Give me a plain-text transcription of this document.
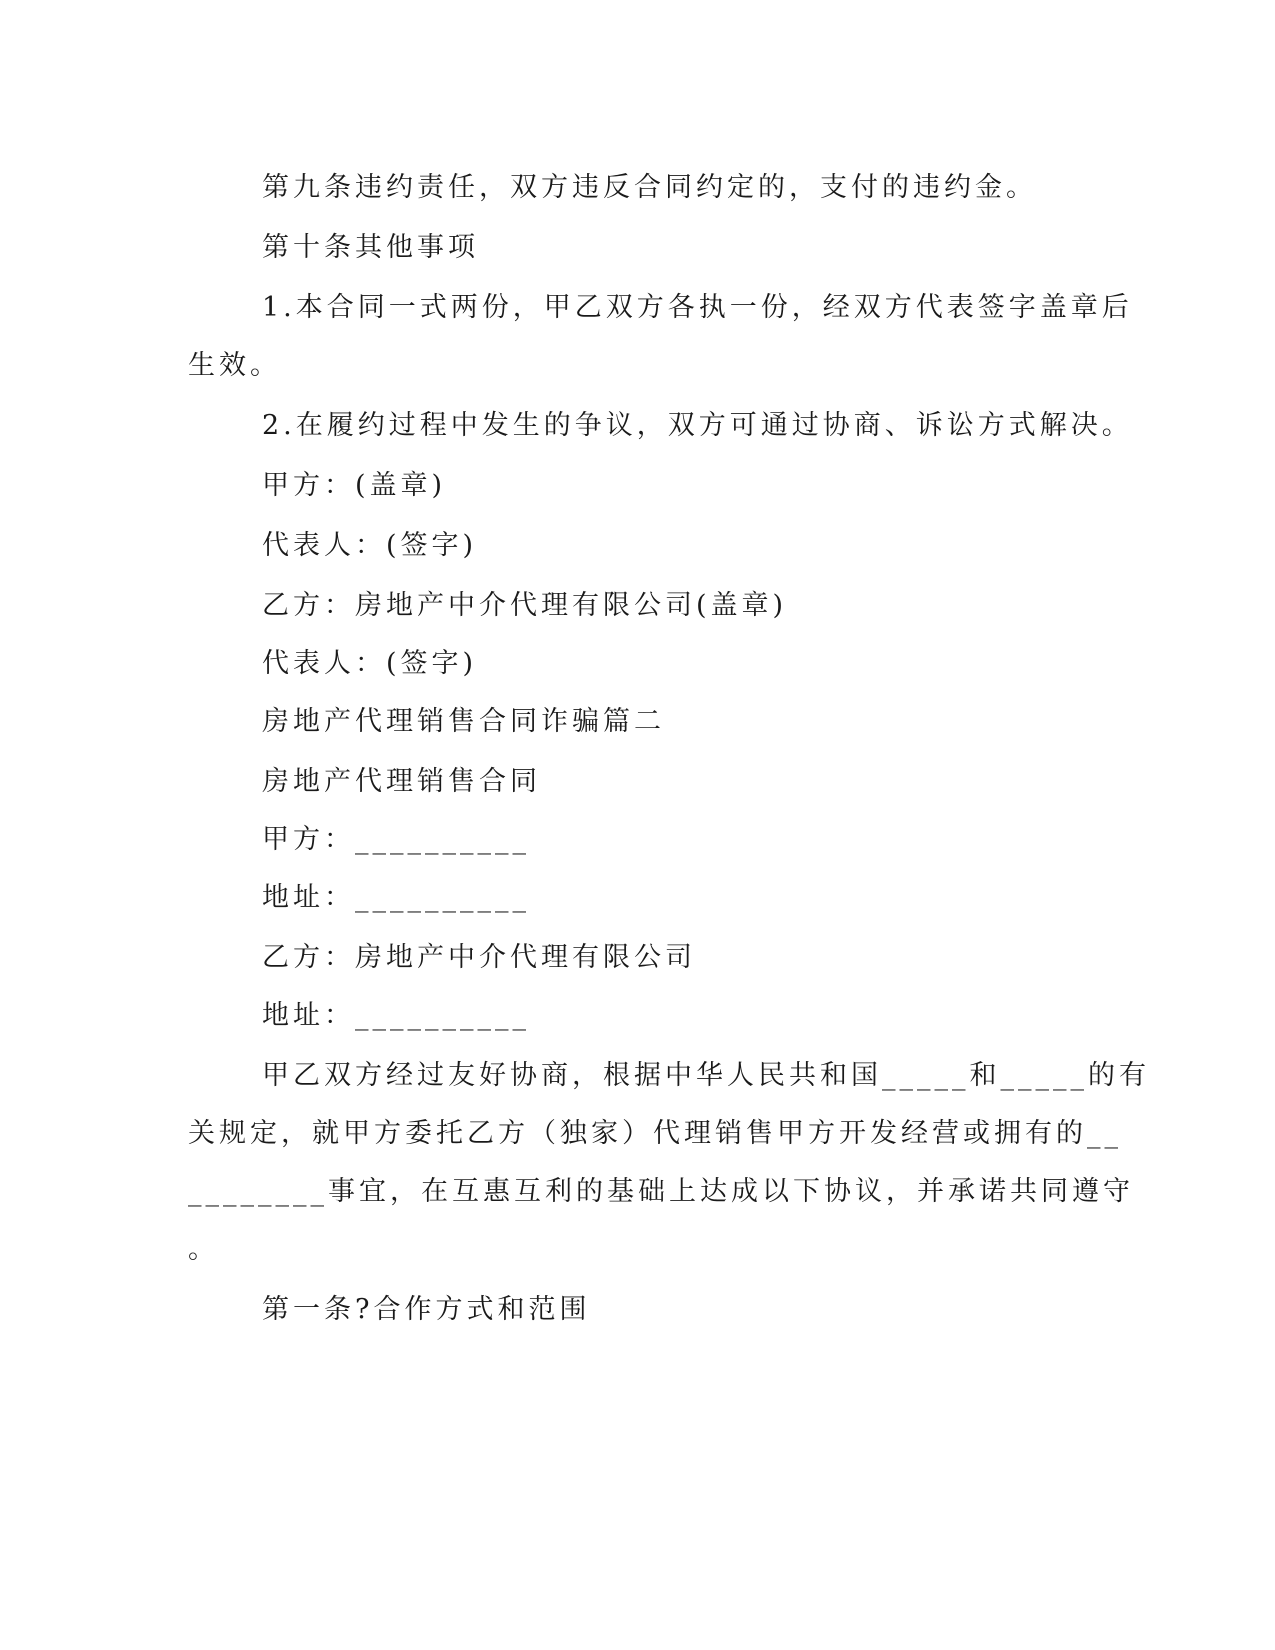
第九条违约责任，双方违反合同约定的，支付的违约金。
第十条其他事项
1.本合同一式两份，甲乙双方各执一份，经双方代表签字盖章后
生效。
2.在履约过程中发生的争议，双方可通过协商、诉讼方式解决。
甲方：(盖章)
代表人：(签字)
乙方：房地产中介代理有限公司(盖章)
代表人：(签字)
房地产代理销售合同诈骗篇二
房地产代理销售合同
甲方：__________
地址：__________
乙方：房地产中介代理有限公司
地址：__________
甲乙双方经过友好协商，根据中华人民共和国_____和_____的有
关规定，就甲方委托乙方（独家）代理销售甲方开发经营或拥有的__
________事宜，在互惠互利的基础上达成以下协议，并承诺共同遵守
。
第一条?合作方式和范围
